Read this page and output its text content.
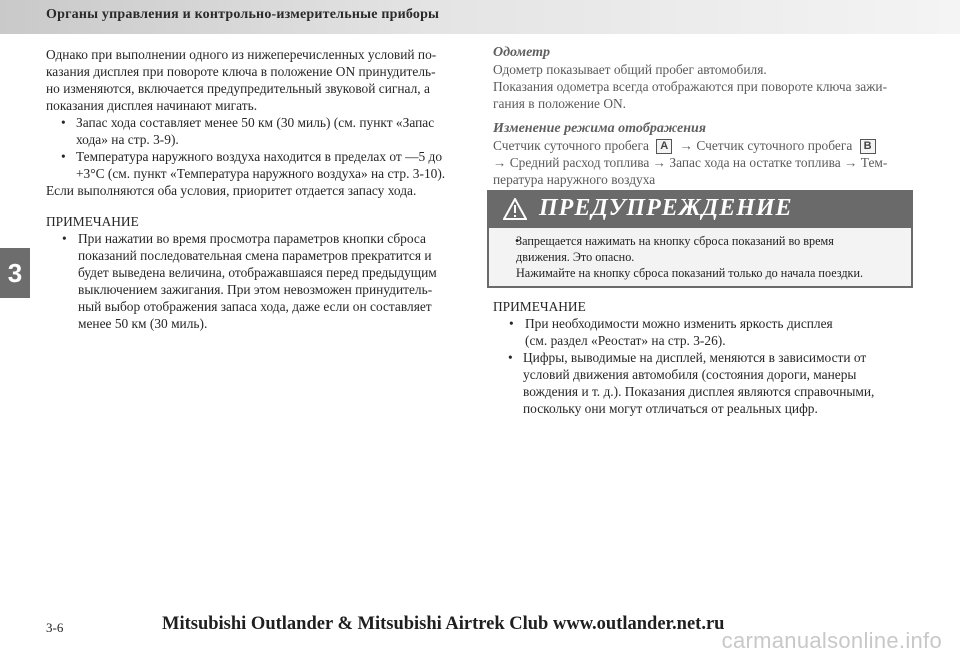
Органы управления и контрольно-измерительные приборы
3

Однако при выполнении одного из нижеперечисленных условий по-

казания дисплея при повороте ключа в положение ON принудитель-

но изменяются, включается предупредительный звуковой сигнал, а

показания дисплея начинают мигать.

• Запас хода составляет менее 50 км (30 миль) (см. пункт «Запас

хода» на стр. 3-9).

• Температура наружного воздуха находится в пределах от —5 до

+3°C (см. пункт «Температура наружного воздуха» на стр. 3-10).

Если выполняются оба условия, приоритет отдается запасу хода.

ПРИМЕЧАНИЕ

• При нажатии во время просмотра параметров кнопки сброса

показаний последовательная смена параметров прекратится и

будет выведена величина, отображавшаяся перед предыдущим

выключением зажигания. При этом невозможен принудитель-

ный выбор отображения запаса хода, даже если он составляет

менее 50 км (30 миль).

Одометр

Одометр показывает общий пробег автомобиля.

Показания одометра всегда отображаются при повороте ключа зажи-

гания в положение ON.

Изменение режима отображения

Счетчик суточного пробега A → Счетчик суточного пробега B

→ Средний расход топлива → Запас хода на остатке топлива → Тем-

пература наружного воздуха

ПРЕДУПРЕЖДЕНИЕ

• Запрещается нажимать на кнопку сброса показаний во время

движения. Это опасно.

Нажимайте на кнопку сброса показаний только до начала поездки.

ПРИМЕЧАНИЕ

• При необходимости можно изменить яркость дисплея

(см. раздел «Реостат» на стр. 3-26).

• Цифры, выводимые на дисплей, меняются в зависимости от

условий движения автомобиля (состояния дороги, манеры

вождения и т. д.). Показания дисплея являются справочными,

поскольку они могут отличаться от реальных цифр.

3-6	Mitsubishi Outlander & Mitsubishi Airtrek Club www.outlander.net.ru
carmanualsonline.info
